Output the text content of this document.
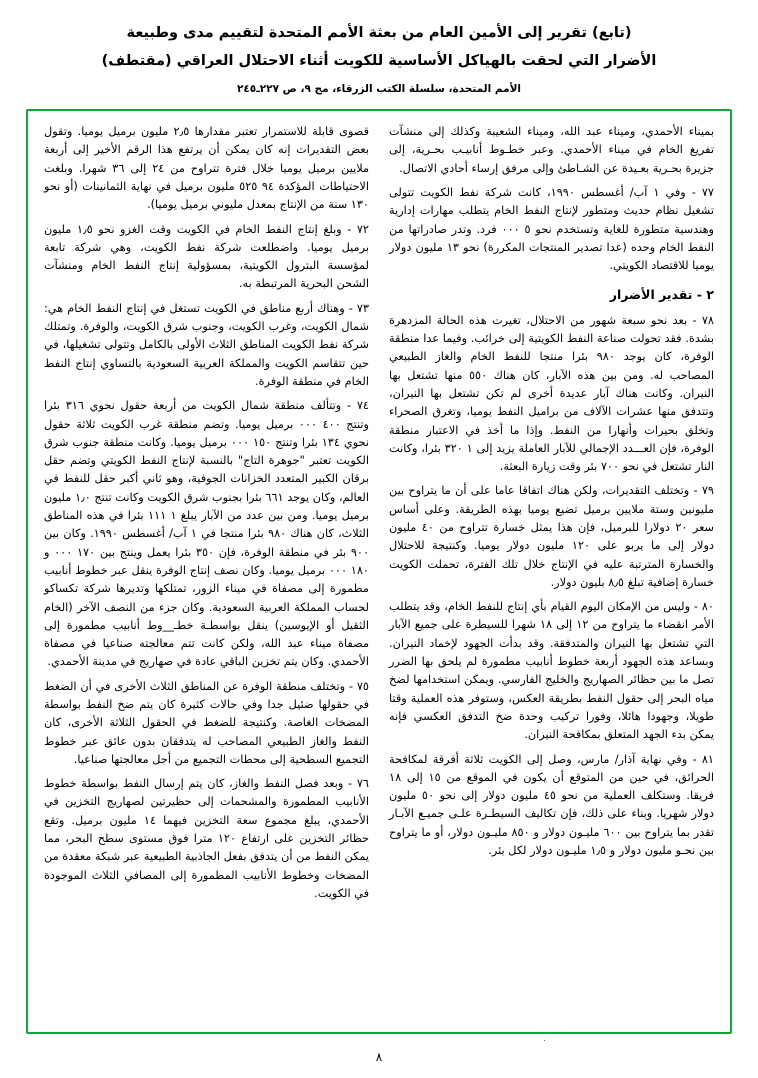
(تابع) تقرير إلى الأمين العام من بعثة الأمم المتحدة لتقييم مدى وطبيعة
الأضرار التي لحقت بالهياكل الأساسية للكويت أثناء الاحتلال العراقي (مقتطف)
الأمم المتحدة، سلسلة الكتب الزرقاء، مج ٩، ص ٢٢٧ـ٢٤٥

بميناء الأحمدي، وميناء عبد الله، وميناء الشعيبة وكذلك إلى منشآت تفريغ الخام في ميناء الأحمدي. وعبر خطـوط أنابيـب بحـرية، إلى جزيرة بحـرية بعـيدة عن الشـاطئ وإلى مرفق إرساء أحادي الاتصال.

٧٧ - وفي ١ آب/ أغسطس ١٩٩٠، كانت شركة نفط الكويت تتولى تشغيل نظام حديث ومتطور لإنتاج النفط الخام يتطلب مهارات إدارية وهندسية متطورة للغاية وتستخدم نحو ٥ ٠٠٠ فرد. وتدر صادراتها من النفط الخام وحده (عدا تصدير المنتجات المكررة) نحو ١٣ مليون دولار يوميا للاقتصاد الكويتي.

٢ - تقدير الأضرار

٧٨ - بعد نحو سبعة شهور من الاحتلال، تغيرت هذه الحالة المزدهرة بشدة. فقد تحولت صناعة النفط الكويتية إلى خرائب. وفيما عدا منطقة الوفرة، كان يوجد ٩٨٠ بئرا منتجا للنفط الخام والغاز الطبيعي المصاحب له. ومن بين هذه الآبار، كان هناك ٥٥٠ منها تشتعل بها النيران. وكانت هناك آبار عديدة أخرى لم تكن تشتعل بها النيران، وتتدفق منها عشرات الآلاف من براميل النفط يوميا، وتغرق الصحراء وتخلق بحيرات وأنهارا من النفط. وإذا ما أخذ في الاعتبار منطقة الوفرة، فإن العـــدد الإجمالي للآبار العاملة يزيد إلى ١ ٣٢٠ بئرا، وكانت النار تشتعل في نحو ٧٠٠ بئر وقت زيارة البعثة.

٧٩ - وتختلف التقديرات، ولكن هناك اتفاقا عاما على أن ما يتراوح بين مليونين وستة ملايين برميل تضيع يوميا بهذه الطريقة. وعلى أساس سعر ٢٠ دولارا للبرميل، فإن هذا يمثل خسارة تتراوح من ٤٠ مليون دولار إلى ما يربو على ١٢٠ مليون دولار يوميا. وكنتيجة للاحتلال والخسارة المترتبة عليه في الإنتاج خلال تلك الفترة، تحملت الكويت خسارة إضافية تبلغ ٨٫٥ بليون دولار.

٨٠ - وليس من الإمكان اليوم القيام بأي إنتاج للنفط الخام، وقد يتطلب الأمر انقضاء ما يتراوح من ١٢ إلى ١٨ شهرا للسيطرة على جميع الآبار التي تشتعل بها النيران والمتدفقة. وقد بدأت الجهود لإخماد النيران. وبساعد هذه الجهود أربعة خطوط أنابيب مطمورة لم يلحق بها الضرر تصل ما بين حظائر الصهاريج والخليج الفارسي. ويمكن استخدامها لضخ مياه البحر إلى حقول النفط بطريقة العكس، وستوفر هذه العملية وقتا طويلا، وجهودا هائلا، وفورا تركيب وحدة ضخ التدفق العكسي فإنه يمكن بدء الجهد المتعلق بمكافحة النيران.

٨١ - وفي نهاية آذار/ مارس، وصل إلى الكويت ثلاثة أفرقة لمكافحة الحرائق، في حين من المتوقع أن يكون في الموقع من ١٥ إلى ١٨ فريقا. وستكلف العملية من نحو ٤٥ مليون دولار إلى نحو ٥٠ مليون دولار شهريا. وبناء على ذلك، فإن تكاليف السيطـرة علـى جميـع الآبـار تقدر بما يتراوح بين ٦٠٠ مليـون دولار و ٨٥٠ مليـون دولار، أو ما يتراوح بين نحـو مليون دولار و ١٫٥ مليـون دولار لكل بئر.

قصوى قابلة للاستمرار تعتبر مقدارها ٢٫٥ مليون برميل يوميا. وتقول بعض التقديرات إنه كان يمكن أن يرتفع هذا الرقم الأخير إلى أربعة ملايين برميل يوميا خلال فترة تتراوح من ٢٤ إلى ٣٦ شهرا. وبلغت الاحتياطات المؤكدة ٩٤ ٥٢٥ مليون برميل في نهاية الثمانينات (أو نحو ١٣٠ سنة من الإنتاج بمعدل مليوني برميل يوميا).

٧٢ - وبلغ إنتاج النفط الخام في الكويت وقت الغزو نحو ١٫٥ مليون برميل يوميا. واضطلعت شركة نفط الكويت، وهي شركة تابعة لمؤسسة البترول الكويتية، بمسؤولية إنتاج النفط الخام ومنشآت الشحن البحرية المرتبطة به.

٧٣ - وهناك أربع مناطق في الكويت تستغل في إنتاج النفط الخام هي: شمال الكويت، وغرب الكويت، وجنوب شرق الكويت، والوفرة. وتمتلك شركة نفط الكويت المناطق الثلاث الأولى بالكامل وتتولى تشغيلها، في حين تتقاسم الكويت والمملكة العربية السعودية بالتساوي إنتاج النفط الخام في منطقة الوفرة.

٧٤ - وتتألف منطقة شمال الكويت من أربعة حقول نحوي ٣١٦ بئرا وتنتج ٤٠٠ ٠٠٠ برميل يوميا. وتضم منطقة غرب الكويت ثلاثة حقول نحوي ١٣٤ بئرا وتنتج ١٥٠ ٠٠٠ برميل يوميا. وكانت منطقة جنوب شرق الكويت تعتبر "جوهرة التاج" بالنسبة لإنتاج النفط الكويتي وتضم حقل برقان الكبير المتعدد الخزانات الجوفية، وهو ثاني أكبر حقل للنفط في العالم، وكان يوجد ٦٦١ بئرا بجنوب شرق الكويت وكانت تنتج ١٫٠ مليون برميل يوميا. ومن بين عدد من الآبار يبلغ ١ ١١١ بئرا في هذه المناطق الثلاث، كان هناك ٩٨٠ بئرا منتجا في ١ آب/ أغسطس ١٩٩٠. وكان بين ٩٠٠ بئر في منطقة الوفرة، فإن ٣٥٠ بئرا يعمل وينتج بين ١٧٠ ٠٠٠ و ١٨٠ ٠٠٠ برميل يوميا. وكان نصف إنتاج الوفرة ينقل عبر خطوط أنابيب مطمورة إلى مصفاة في ميناء الزور، تمتلكها وتديرها شركة تكساكو لحساب المملكة العربية السعودية. وكان جزء من النصف الآخر (الخام الثقيل أو الإيوسين) ينقل بواسطـة خطـ__وط أنابيب مطمورة إلى مصفاة ميناء عبد الله، ولكن كانت تتم معالجته صناعيا في مصفاة الأحمدي. وكان يتم تخزين الباقي عادة في صهاريج في مدينة الأحمدي.

٧٥ - وتختلف منطقة الوفرة عن المناطق الثلاث الأخرى في أن الضغط في حقولها ضئيل جدا وفي حالات كثيرة كان يتم ضخ النفط بواسطة المضخات الغاصة. وكنتيجة للضغط في الحقول الثلاثة الأخرى، كان النفط والغاز الطبيعي المصاحب له يتدفقان بدون عائق عبر خطوط التجميع السطحية إلى محطات التجميع من أجل معالجتها صناعيا.

٧٦ - وبعد فصل النفط والغاز، كان يتم إرسال النفط بواسطة خطوط الأنابيب المطمورة والمشحمات إلى حظيرتين لصهاريج التخزين في الأحمدي، يبلغ مجموع سعة التخزين فيهما ١٤ مليون برميل. وتقع حظائر التخزين على ارتفاع ١٢٠ مترا فوق مستوى سطح البحر، مما يمكن النفط من أن يتدفق بفعل الجاذبية الطبيعية عبر شبكة معقدة من المضخات وخطوط الأنابيب المطمورة إلى المصافي الثلاث الموجودة في الكويت.

.
٨
